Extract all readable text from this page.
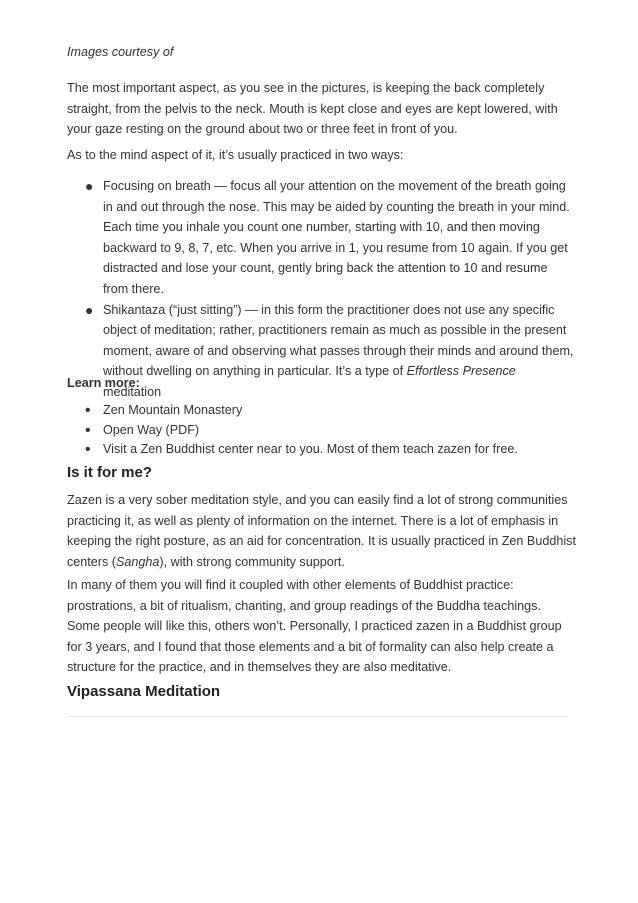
Images courtesy of

The most important aspect, as you see in the pictures, is keeping the back completely straight, from the pelvis to the neck. Mouth is kept close and eyes are kept lowered, with your gaze resting on the ground about two or three feet in front of you.

As to the mind aspect of it, it’s usually practiced in two ways:

● Focusing on breath — focus all your attention on the movement of the breath going in and out through the nose. This may be aided by counting the breath in your mind. Each time you inhale you count one number, starting with 10, and then moving backward to 9, 8, 7, etc. When you arrive in 1, you resume from 10 again. If you get distracted and lose your count, gently bring back the attention to 10 and resume from there.
● Shikantaza (“just sitting”) — in this form the practitioner does not use any specific object of meditation; rather, practitioners remain as much as possible in the present moment, aware of and observing what passes through their minds and around them, without dwelling on anything in particular. It’s a type of Effortless Presence meditation
Learn more:
• Zen Mountain Monastery
• Open Way (PDF)
• Visit a Zen Buddhist center near to you. Most of them teach zazen for free.
Is it for me?

Zazen is a very sober meditation style, and you can easily find a lot of strong communities practicing it, as well as plenty of information on the internet. There is a lot of emphasis in keeping the right posture, as an aid for concentration. It is usually practiced in Zen Buddhist centers (Sangha), with strong community support.

In many of them you will find it coupled with other elements of Buddhist practice: prostrations, a bit of ritualism, chanting, and group readings of the Buddha teachings. Some people will like this, others won’t. Personally, I practiced zazen in a Buddhist group for 3 years, and I found that those elements and a bit of formality can also help create a structure for the practice, and in themselves they are also meditative.

Vipassana Meditation
